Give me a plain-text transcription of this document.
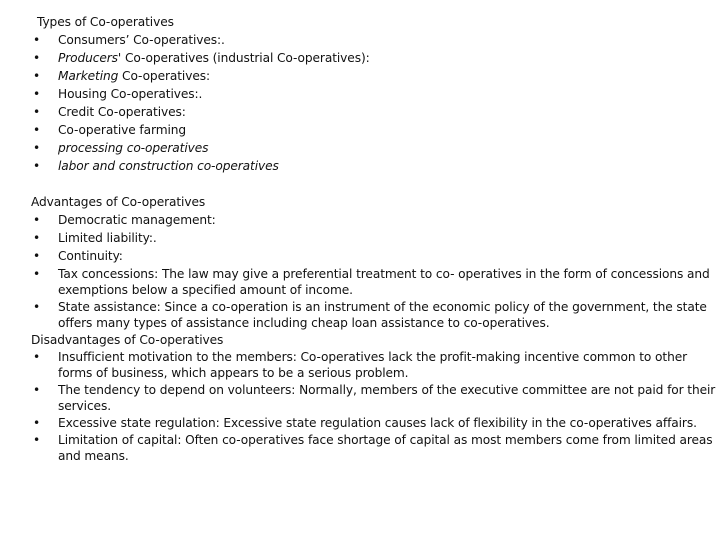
Types of Co-operatives
• Consumers’ Co-operatives:.
• Producers' Co-operatives (industrial Co-operatives):
• Marketing Co-operatives:
• Housing Co-operatives:.
• Credit Co-operatives:
• Co-operative farming
• processing co-operatives
• labor and construction co-operatives
Advantages of Co-operatives
• Democratic management:
• Limited liability:.
• Continuity:
• Tax concessions: The law may give a preferential treatment to co- operatives in the form of concessions and exemptions below a specified amount of income.
• State assistance: Since a co-operation is an instrument of the economic policy of the government, the state offers many types of assistance including cheap loan assistance to co-operatives.
Disadvantages of Co-operatives
• Insufficient motivation to the members: Co-operatives lack the profit-making incentive common to other forms of business, which appears to be a serious problem.
• The tendency to depend on volunteers: Normally, members of the executive committee are not paid for their services.
• Excessive state regulation: Excessive state regulation causes lack of flexibility in the co-operatives affairs.
• Limitation of capital: Often co-operatives face shortage of capital as most members come from limited areas and means.
